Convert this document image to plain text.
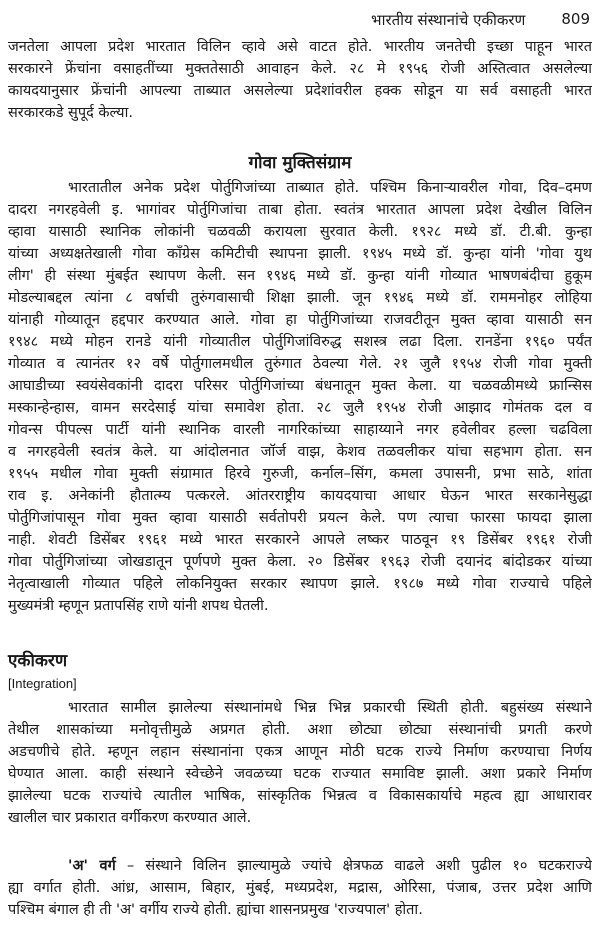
भारतीय संस्थानांचे एकीकरण 809
जनतेला आपला प्रदेश भारतात विलिन व्हावे असे वाटत होते. भारतीय जनतेची इच्छा पाहून भारत
सरकारने फ्रेंचांना वसाहतींच्या मुक्ततेसाठी आवाहन केले. २८ मे १९५६ रोजी अस्तित्वात असलेल्या
कायदयानुसार फ्रेंचांनी आपल्या ताब्यात असलेल्या प्रदेशांवरील हक्क सोडून या सर्व वसाहती भारत
सरकारकडे सुपूर्द केल्या.
गोवा मुक्तिसंग्राम
भारतातील अनेक प्रदेश पोर्तुगिजांच्या ताब्यात होते. पश्चिम किनाऱ्यावरील गोवा, दिव–दमण
दादरा नगरहवेली इ. भागांवर पोर्तुगिजांचा ताबा होता. स्वतंत्र भारतात आपला प्रदेश देखील विलिन
व्हावा यासाठी स्थानिक लोकांनी चळवळी करायला सुरवात केली. १९२८ मध्ये डॉ. टी.बी. कुन्हा
यांच्या अध्यक्षतेखाली गोवा कॉंग्रेस कमिटीची स्थापना झाली. १९४५ मध्ये डॉ. कुन्हा यांनी 'गोवा युथ
लीग' ही संस्था मुंबईत स्थापण केली. सन १९४६ मध्ये डॉ. कुन्हा यांनी गोव्यात भाषणबंदीचा हुकूम
मोडल्याबद्दल त्यांना ८ वर्षाची तुरुंगवासाची शिक्षा झाली. जून १९४६ मध्ये डॉ. राममनोहर लोहिया
यांनाही गोव्यातून हद्दपार करण्यात आले. गोवा हा पोर्तुगिजांच्या राजवटीतून मुक्त व्हावा यासाठी सन
१९४८ मध्ये मोहन रानडे यांनी गोव्यातील पोर्तुगिजांविरुद्ध सशस्त्र लढा दिला. रानडेंना १९६० पर्यंत
गोव्यात व त्यानंतर १२ वर्षे पोर्तुगालमधील तुरुंगात ठेवल्या गेले. २१ जुलै १९५४ रोजी गोवा मुक्ती
आघाडीच्या स्वयंसेवकांनी दादरा परिसर पोर्तुगिजांच्या बंधनातून मुक्त केला. या चळवळीमध्ये फ्रान्सिस
मस्कान्हेन्हास, वामन सरदेसाई यांचा समावेश होता. २८ जुलै १९५४ रोजी आझाद गोमंतक दल व
गोवन्स पीपल्स पार्टी यांनी स्थानिक वारली नागरिकांच्या साहाय्याने नगर हवेलीवर हल्ला चढविला
व नगरहवेली स्वतंत्र केले. या आंदोलनात जॉर्ज वाझ, केशव तळवलीकर यांचा सहभाग होता. सन
१९५५ मधील गोवा मुक्ती संग्रामात हिरवे गुरुजी, कर्नाल–सिंग, कमला उपासनी, प्रभा साठे, शांता
राव इ. अनेकांनी हौतात्म्य पत्करले. आंतरराष्ट्रीय कायदयाचा आधार घेऊन भारत सरकानेसुद्धा
पोर्तुगिजांपासून गोवा मुक्त व्हावा यासाठी सर्वतोपरी प्रयत्न केले. पण त्याचा फारसा फायदा झाला
नाही. शेवटी डिसेंबर १९६१ मध्ये भारत सरकारने आपले लष्कर पाठवून १९ डिसेंबर १९६१ रोजी
गोवा पोर्तुगिजांच्या जोखडातून पूर्णपणे मुक्त केला. २० डिसेंबर १९६३ रोजी दयानंद बांदोडकर यांच्या
नेतृत्वाखाली गोव्यात पहिले लोकनियुक्त सरकार स्थापण झाले. १९८७ मध्ये गोवा राज्याचे पहिले
मुख्यमंत्री म्हणून प्रतापसिंह राणे यांनी शपथ घेतली.
एकीकरण
[Integration]
भारतात सामील झालेल्या संस्थानांमधे भिन्न भिन्न प्रकारची स्थिती होती. बहुसंख्य संस्थाने
तेथील शासकांच्या मनोवृत्तीमुळे अप्रगत होती. अशा छोट्या छोट्या संस्थानांची प्रगती करणे
अडचणीचे होते. म्हणून लहान संस्थानांना एकत्र आणून मोठी घटक राज्ये निर्माण करण्याचा निर्णय
घेण्यात आला. काही संस्थाने स्वेच्छेने जवळच्या घटक राज्यात समाविष्ट झाली. अशा प्रकारे निर्माण
झालेल्या घटक राज्यांचे त्यातील भाषिक, सांस्कृतिक भिन्नत्व व विकासकार्याचे महत्व ह्या आधारावर
खालील चार प्रकारात वर्गीकरण करण्यात आले.
'अ' वर्ग – संस्थाने विलिन झाल्यामुळे ज्यांचे क्षेत्रफळ वाढले अशी पुढील १० घटकराज्ये
ह्या वर्गात होती. आंध्र, आसाम, बिहार, मुंबई, मध्यप्रदेश, मद्रास, ओरिसा, पंजाब, उत्तर प्रदेश आणि
पश्चिम बंगाल ही ती 'अ' वर्गीय राज्ये होती. ह्यांचा शासनप्रमुख 'राज्यपाल' होता.
